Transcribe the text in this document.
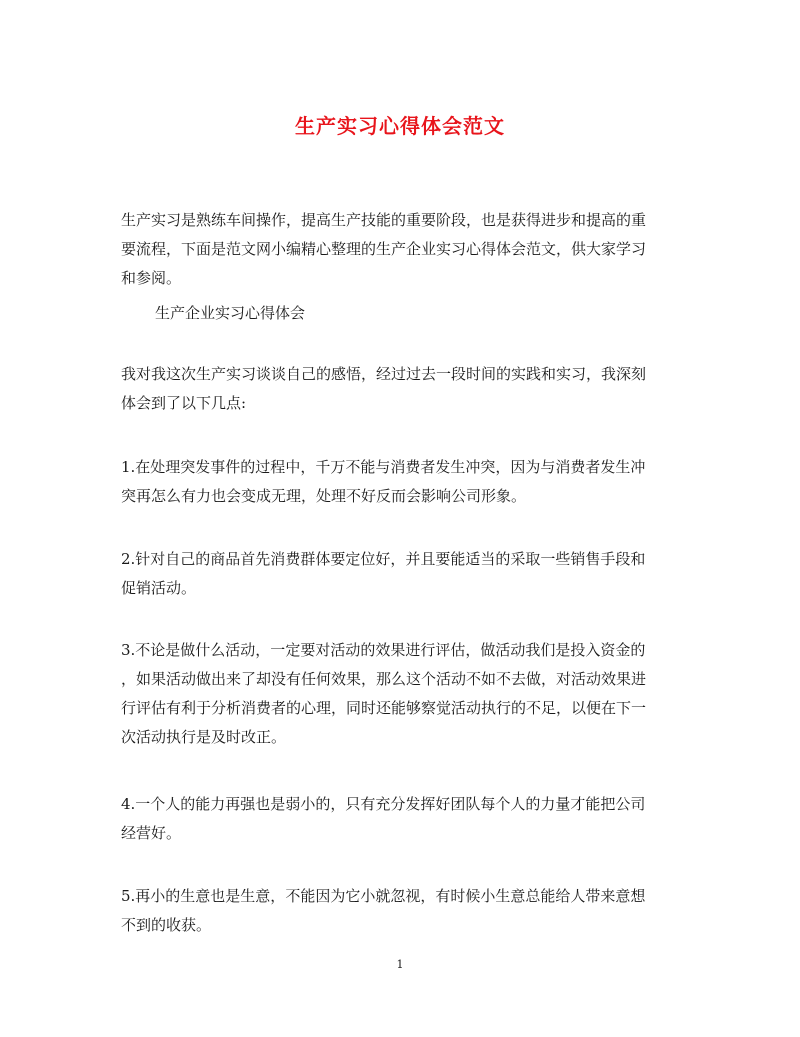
生产实习心得体会范文
生产实习是熟练车间操作，提高生产技能的重要阶段，也是获得进步和提高的重
要流程，下面是范文网小编精心整理的生产企业实习心得体会范文，供大家学习
和参阅。
生产企业实习心得体会
我对我这次生产实习谈谈自己的感悟，经过过去一段时间的实践和实习，我深刻
体会到了以下几点:
1.在处理突发事件的过程中，千万不能与消费者发生冲突，因为与消费者发生冲
突再怎么有力也会变成无理，处理不好反而会影响公司形象。
2.针对自己的商品首先消费群体要定位好，并且要能适当的采取一些销售手段和
促销活动。
3.不论是做什么活动，一定要对活动的效果进行评估，做活动我们是投入资金的
，如果活动做出来了却没有任何效果，那么这个活动不如不去做，对活动效果进
行评估有利于分析消费者的心理，同时还能够察觉活动执行的不足，以便在下一
次活动执行是及时改正。
4.一个人的能力再强也是弱小的，只有充分发挥好团队每个人的力量才能把公司
经营好。
5.再小的生意也是生意，不能因为它小就忽视，有时候小生意总能给人带来意想
不到的收获。
1
